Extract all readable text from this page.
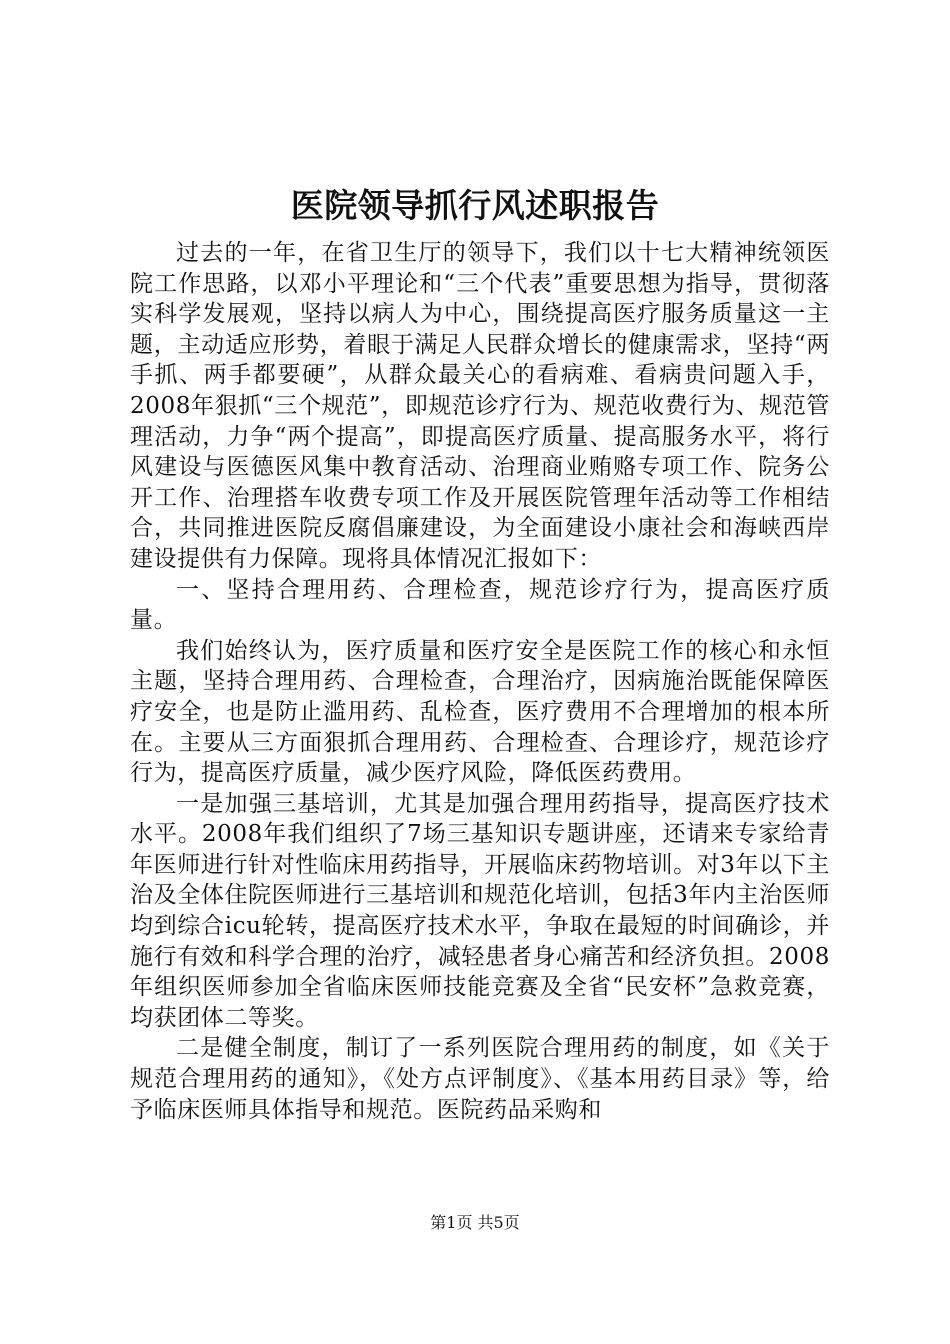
医院领导抓行风述职报告

过去的一年，在省卫生厅的领导下，我们以十七大精神统领医院工作思路，以邓小平理论和“三个代表”重要思想为指导，贯彻落实科学发展观，坚持以病人为中心，围绕提高医疗服务质量这一主题，主动适应形势，着眼于满足人民群众增长的健康需求，坚持“两手抓、两手都要硬”，从群众最关心的看病难、看病贵问题入手，2008年狠抓“三个规范”，即规范诊疗行为、规范收费行为、规范管理活动，力争“两个提高”，即提高医疗质量、提高服务水平，将行风建设与医德医风集中教育活动、治理商业贿赂专项工作、院务公开工作、治理搭车收费专项工作及开展医院管理年活动等工作相结合，共同推进医院反腐倡廉建设，为全面建设小康社会和海峡西岸建设提供有力保障。现将具体情况汇报如下：

一、坚持合理用药、合理检查，规范诊疗行为，提高医疗质量。

我们始终认为，医疗质量和医疗安全是医院工作的核心和永恒主题，坚持合理用药、合理检查，合理治疗，因病施治既能保障医疗安全，也是防止滥用药、乱检查，医疗费用不合理增加的根本所在。主要从三方面狠抓合理用药、合理检查、合理诊疗，规范诊疗行为，提高医疗质量，减少医疗风险，降低医药费用。

一是加强三基培训，尤其是加强合理用药指导，提高医疗技术水平。2008年我们组织了7场三基知识专题讲座，还请来专家给青年医师进行针对性临床用药指导，开展临床药物培训。对3年以下主治及全体住院医师进行三基培训和规范化培训，包括3年内主治医师均到综合icu轮转，提高医疗技术水平，争取在最短的时间确诊，并施行有效和科学合理的治疗，减轻患者身心痛苦和经济负担。2008年组织医师参加全省临床医师技能竞赛及全省“民安杯”急救竞赛，均获团体二等奖。

二是健全制度，制订了一系列医院合理用药的制度，如《关于规范合理用药的通知》，《处方点评制度》、《基本用药目录》等，给予临床医师具体指导和规范。医院药品采购和

第1页 共5页
